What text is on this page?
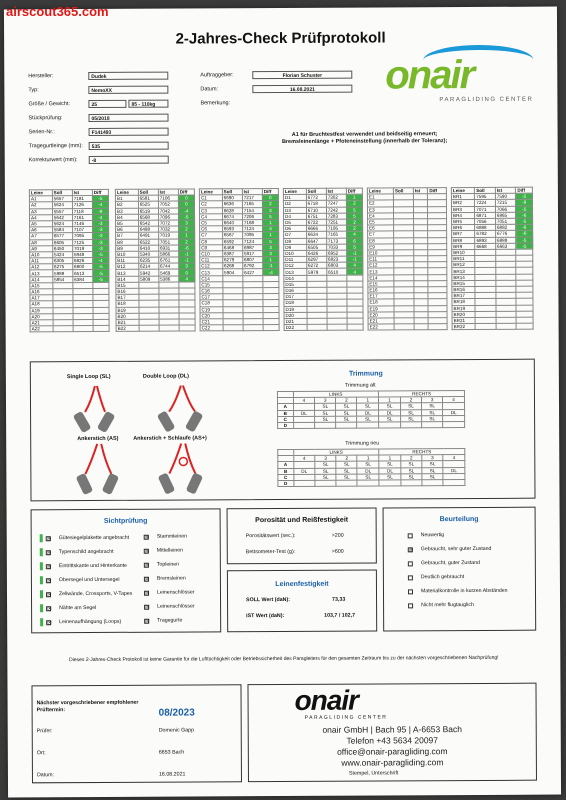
airscout365.com
2-Jahres-Check Prüfprotokoll
Hersteller:	Dudek
Typ:	NemoXX
Größe / Gewicht:	25	85 - 110kg
Stückprüfung:	05/2018
Serien-Nr.:	F141493
Tragegurtleinge (mm):	535
Korrekturwert (mm):	-8
Auftraggeber:	Florian Schuster
Datum:	16.08.2021
Bemerkung:
onair
PARAGLIDING CENTER
A1 für Bruchtestfest verwendet und beidseitig erneuert;
Bremsleinenlänge + Pfoteneinstellung (innerhalb der Toleranz);
Leine	Soll	Ist	Diff
A1	5657	7181	-5
A2	5624	7126	-4
A3	5557	7118	-8
A4	5642	7161	-4
A5	5624	7146	-3
A6	5584	7107	-3
A7	6577	7095	-3
A8	6605	7125	-3
A9	6450	7019	-3
A10	5424	5948	-5
A11	6305	6826	-4
A12	6275	6800	-5
A13	5988	6513	-5
A14	5854	6384	-5
A15			
A16			
A17			
A18			
A19			
A20			
A21			
A22			
Leine	Soll	Ist	Diff
B1	6581	7106	0
B2	6525	7052	0
B3	6519	7042	-4
B4	6568	7096	-5
B5	6542	7072	3
B6	6498	7032	2
B7	6491	7019	1
B8	6522	7051	2
B9	6410	6931	-6
B10	5340	5866	-1
B11	6235	6761	-1
B12	6214	6744	3
B13	5942	5469	0
B14	5809	5386	4
B15			
B16			
B17			
B18			
B19			
B20			
B21			
B22			
Leine	Soll	Ist	Diff
C1	6690	7217	0
C2	6636	7165	2
C3	6628	7154	3
C4	6674	7206	5
C5	6640	7168	1
C6	6593	7124	4
C7	6567	7095	1
C8	6592	7124	5
C9	6468	6987	3
C10	6387	5917	3
C11	6279	6807	1
C12	6268	6792	-1
C13	5904	6427	-4
C14			
C15			
C16			
C17			
C18			
C19			
C20			
C21			
C22			
Leine	Soll	Ist	Diff
D1	6772	7302	1
D2	6718	7247	2
D3	6710	7242	5
D4	6751	7283	5
D5	6722	7251	2
D6	6666	7195	2
D7	6634	7165	4
D8	6647	7173	6
D9	6505	7033	5
D10	6426	6952	-1
D11	6297	6823	-1
D12	6272	6803	4
D13	5979	6510	4
D14			
D15			
D16			
D17			
D18			
D19			
D20			
D21			
D22			
Leine	Soll	Ist	Diff
E1			
E2			
E3			
E4			
E5			
E6			
E7			
E8			
E9			
E10			
E11			
E12			
E13			
E14			
E15			
E16			
E17			
E18			
E19			
E20			
E21			
E22			
Leine	Soll	Ist	Diff
BR1	7595	7590	-5
BR2	7224	7215	-9
BR3	7071	7066	-5
BR4	6871	6865	-6
BR5	7056	7051	-5
BR6	6888	6882	-6
BR7	6782	6776	-6
BR8	6893	6888	-5
BR9	6668	6663	-5
BR10			
BR11			
BR12			
BR13			
BR14			
BR15			
BR16			
BR17			
BR18			
BR19			
BR20			
BR21			
BR22			
Single Loop (SL)	Double Loop (DL)
Ankerstich (AS)	Ankerstich + Schlaufe (AS+)
Trimmung
Trimmung alt
	LINKS				RECHTS			
	4	3	2	1	1	2	3	4
A		SL	SL	SL	SL	SL	SL	
B	DL	SL	SL	DL	DL	SL	SL	DL
C		SL	SL	SL	SL	SL	SL	
D								
Trimmung neu
	LINKS				RECHTS			
	4	3	2	1	1	2	3	4
A		SL	SL	SL	SL	SL	SL	
B	DL	SL	SL	DL	DL	SL	SL	DL
C		SL	SL	SL	SL	SL	SL	
D								
Sichtprüfung
☒ Gütesiegelplakette angebracht
☒ Typenschild angebracht
☒ Eintrittskante und Hinterkante
☒ Obersegel und Untersegel
☒ Zellwände, Crossports, V-Tapes
☒ Nähte am Segel
☒ Leinenaufhängung (Loops)
☒ Stammleinen
☒ Mittelleinen
☒ Topleinen
☒ Bremsleinen
☒ Leinenschlösser
☒ Leinenschlösser
☒ Tragegurte
Porosität und Reißfestigkeit
Porositätswert (sec.):	>200
Bettsometer-Test (g):	>600
Leinenfestigkeit
SOLL Wert (daN):	73,33
IST Wert (daN):	103,7 / 102,7
Beurteilung
Neuwertig
☒ Gebraucht, sehr guter Zustand
Gebraucht, guter Zustand
Deutlich gebraucht
Materialkontrolle in kurzen Abständen
Nicht mehr flugtauglich
Dieses 2-Jahres-Check Protokoll ist keine Garantie für die Lufttüchtigkeit oder Betriebssicherheit des Paragleiters für den gesamten Zeitraum bis zu der nächsten vorgeschriebenen Nachprüfung!
Nächster vorgeschriebener empfohlener Prüftermin:	08/2023
Prüfer:	Domenic Gapp
Ort:	6653 Bach
Datum:	16.08.2021
onair
PARAGLIDING CENTER
onair GmbH | Bach 95 | A-6653 Bach
Telefon +43 5634 20097
office@onair-paragliding.com
www.onair-paragliding.com
Stempel, Unterschrift
